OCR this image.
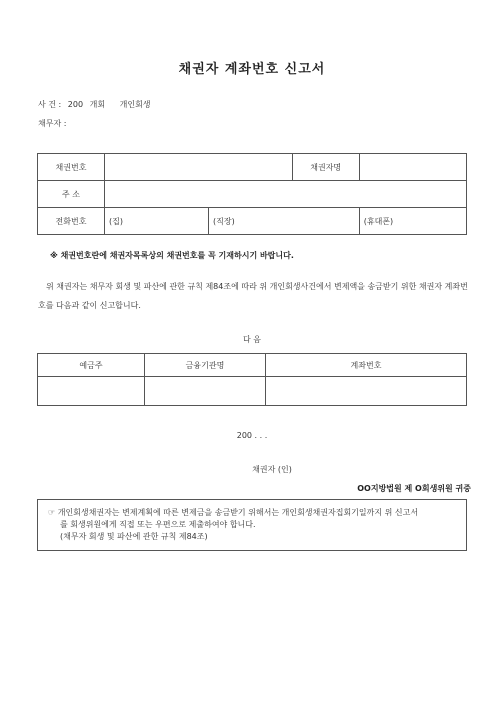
채권자 계좌번호 신고서
사 건 : 200 개회 개인회생
채무자 :
채권번호			채권자명	
주 소				
전화번호	(집)	(직장)		(휴대폰)
※ 채권번호란에 채권자목록상의 채권번호를 꼭 기재하시기 바랍니다.
위 채권자는 채무자 회생 및 파산에 관한 규칙 제84조에 따라 위 개인회생사건에서 변제액을 송금받기 위한 채권자 계좌번호를 다음과 같이 신고합니다.
다 음
예금주	금융기관명	계좌번호

200 . . .
채권자 (인)
OO지방법원 제 O회생위원 귀중
☞ 개인회생채권자는 변제계획에 따른 변제금을 송금받기 위해서는 개인회생채권자집회기일까지 위 신고서
를 회생위원에게 직접 또는 우편으로 제출하여야 합니다.
(채무자 회생 및 파산에 관한 규칙 제84조)
